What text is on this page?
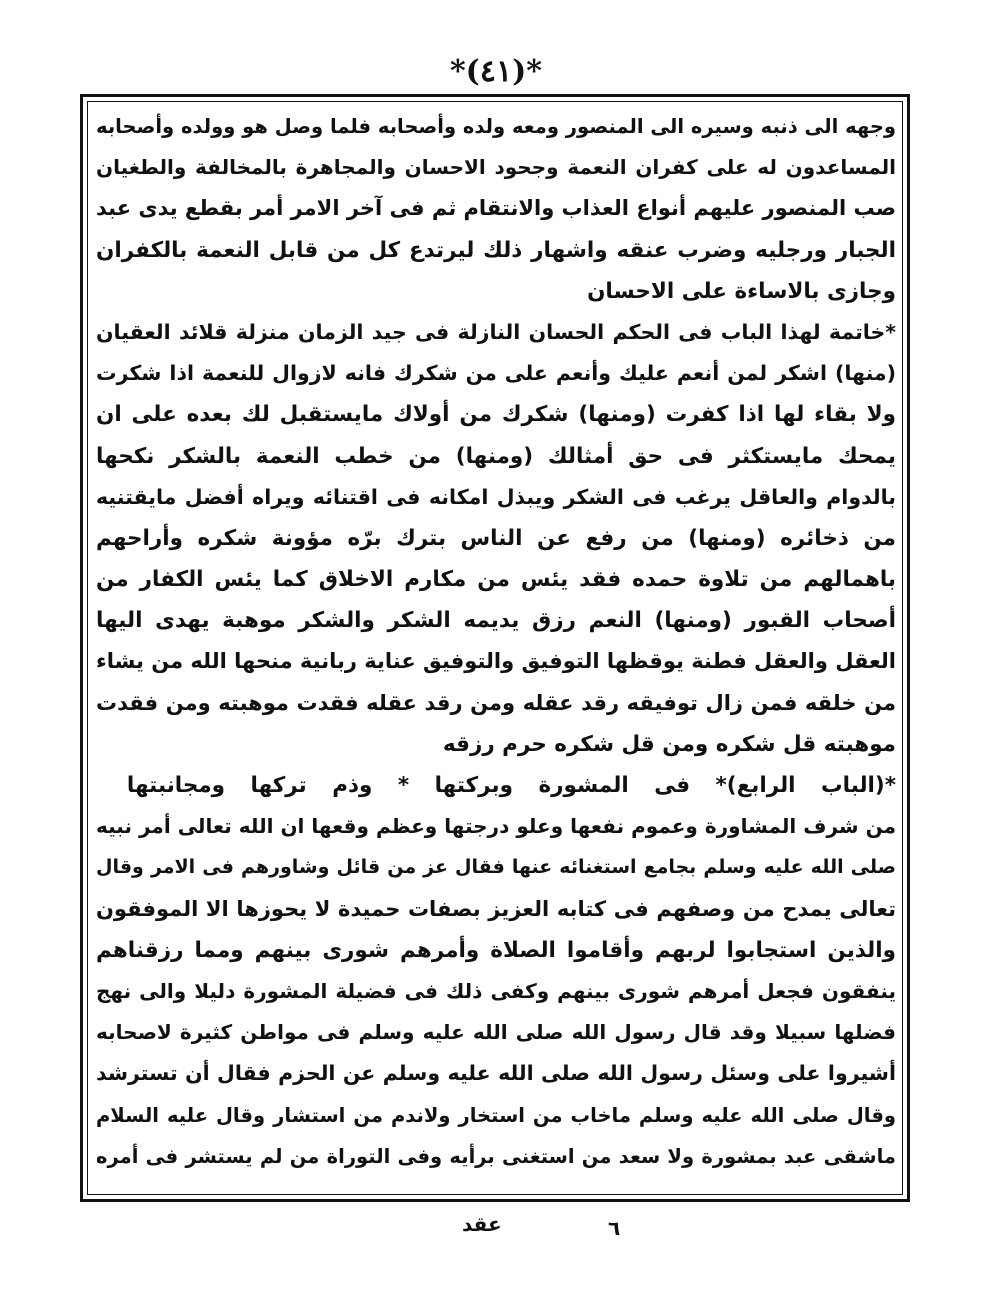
*(٤١)*
وجهه الى ذنبه وسيره الى المنصور ومعه ولده وأصحابه فلما وصل هو وولده وأصحابه
المساعدون له على كفران النعمة وجحود الاحسان والمجاهرة بالمخالفة والطغيان
صب المنصور عليهم أنواع العذاب والانتقام ثم فى آخر الامر أمر بقطع يدى عبد
الجبار ورجليه وضرب عنقه واشهار ذلك ليرتدع كل من قابل النعمة بالكفران
وجازى بالاساءة على الاحسان
*خاتمة لهذا الباب فى الحكم الحسان النازلة فى جيد الزمان منزلة قلائد العقيان
(منها) اشكر لمن أنعم عليك وأنعم على من شكرك فانه لازوال للنعمة اذا شكرت
ولا بقاء لها اذا كفرت (ومنها) شكرك من أولاك مايستقبل لك بعده على ان
يمحك مايستكثر فى حق أمثالك (ومنها) من خطب النعمة بالشكر نكحها
بالدوام والعاقل يرغب فى الشكر ويبذل امكانه فى اقتنائه ويراه أفضل مايقتنيه
من ذخائره (ومنها) من رفع عن الناس بترك برّه مؤونة شكره وأراحهم
باهمالهم من تلاوة حمده فقد يئس من مكارم الاخلاق كما يئس الكفار من
أصحاب القبور (ومنها) النعم رزق يديمه الشكر والشكر موهبة يهدى اليها
العقل والعقل فطنة يوقظها التوفيق والتوفيق عناية ربانية منحها الله من يشاء
من خلقه فمن زال توفيقه رقد عقله ومن رقد عقله فقدت موهبته ومن فقدت
موهبته قل شكره ومن قل شكره حرم رزقه
*(الباب الرابع)* فى المشورة وبركتها * وذم تركها ومجانبتها
من شرف المشاورة وعموم نفعها وعلو درجتها وعظم وقعها ان الله تعالى أمر نبيه
صلى الله عليه وسلم بجامع استغنائه عنها فقال عز من قائل وشاورهم فى الامر وقال
تعالى يمدح من وصفهم فى كتابه العزيز بصفات حميدة لا يحوزها الا الموفقون
والذين استجابوا لربهم وأقاموا الصلاة وأمرهم شورى بينهم ومما رزقناهم
ينفقون فجعل أمرهم شورى بينهم وكفى ذلك فى فضيلة المشورة دليلا والى نهج
فضلها سبيلا وقد قال رسول الله صلى الله عليه وسلم فى مواطن كثيرة لاصحابه
أشيروا على وسئل رسول الله صلى الله عليه وسلم عن الحزم فقال أن تسترشد
وقال صلى الله عليه وسلم ماخاب من استخار ولاندم من استشار وقال عليه السلام
ماشقى عبد بمشورة ولا سعد من استغنى برأيه وفى التوراة من لم يستشر فى أمره
٦
عقد
